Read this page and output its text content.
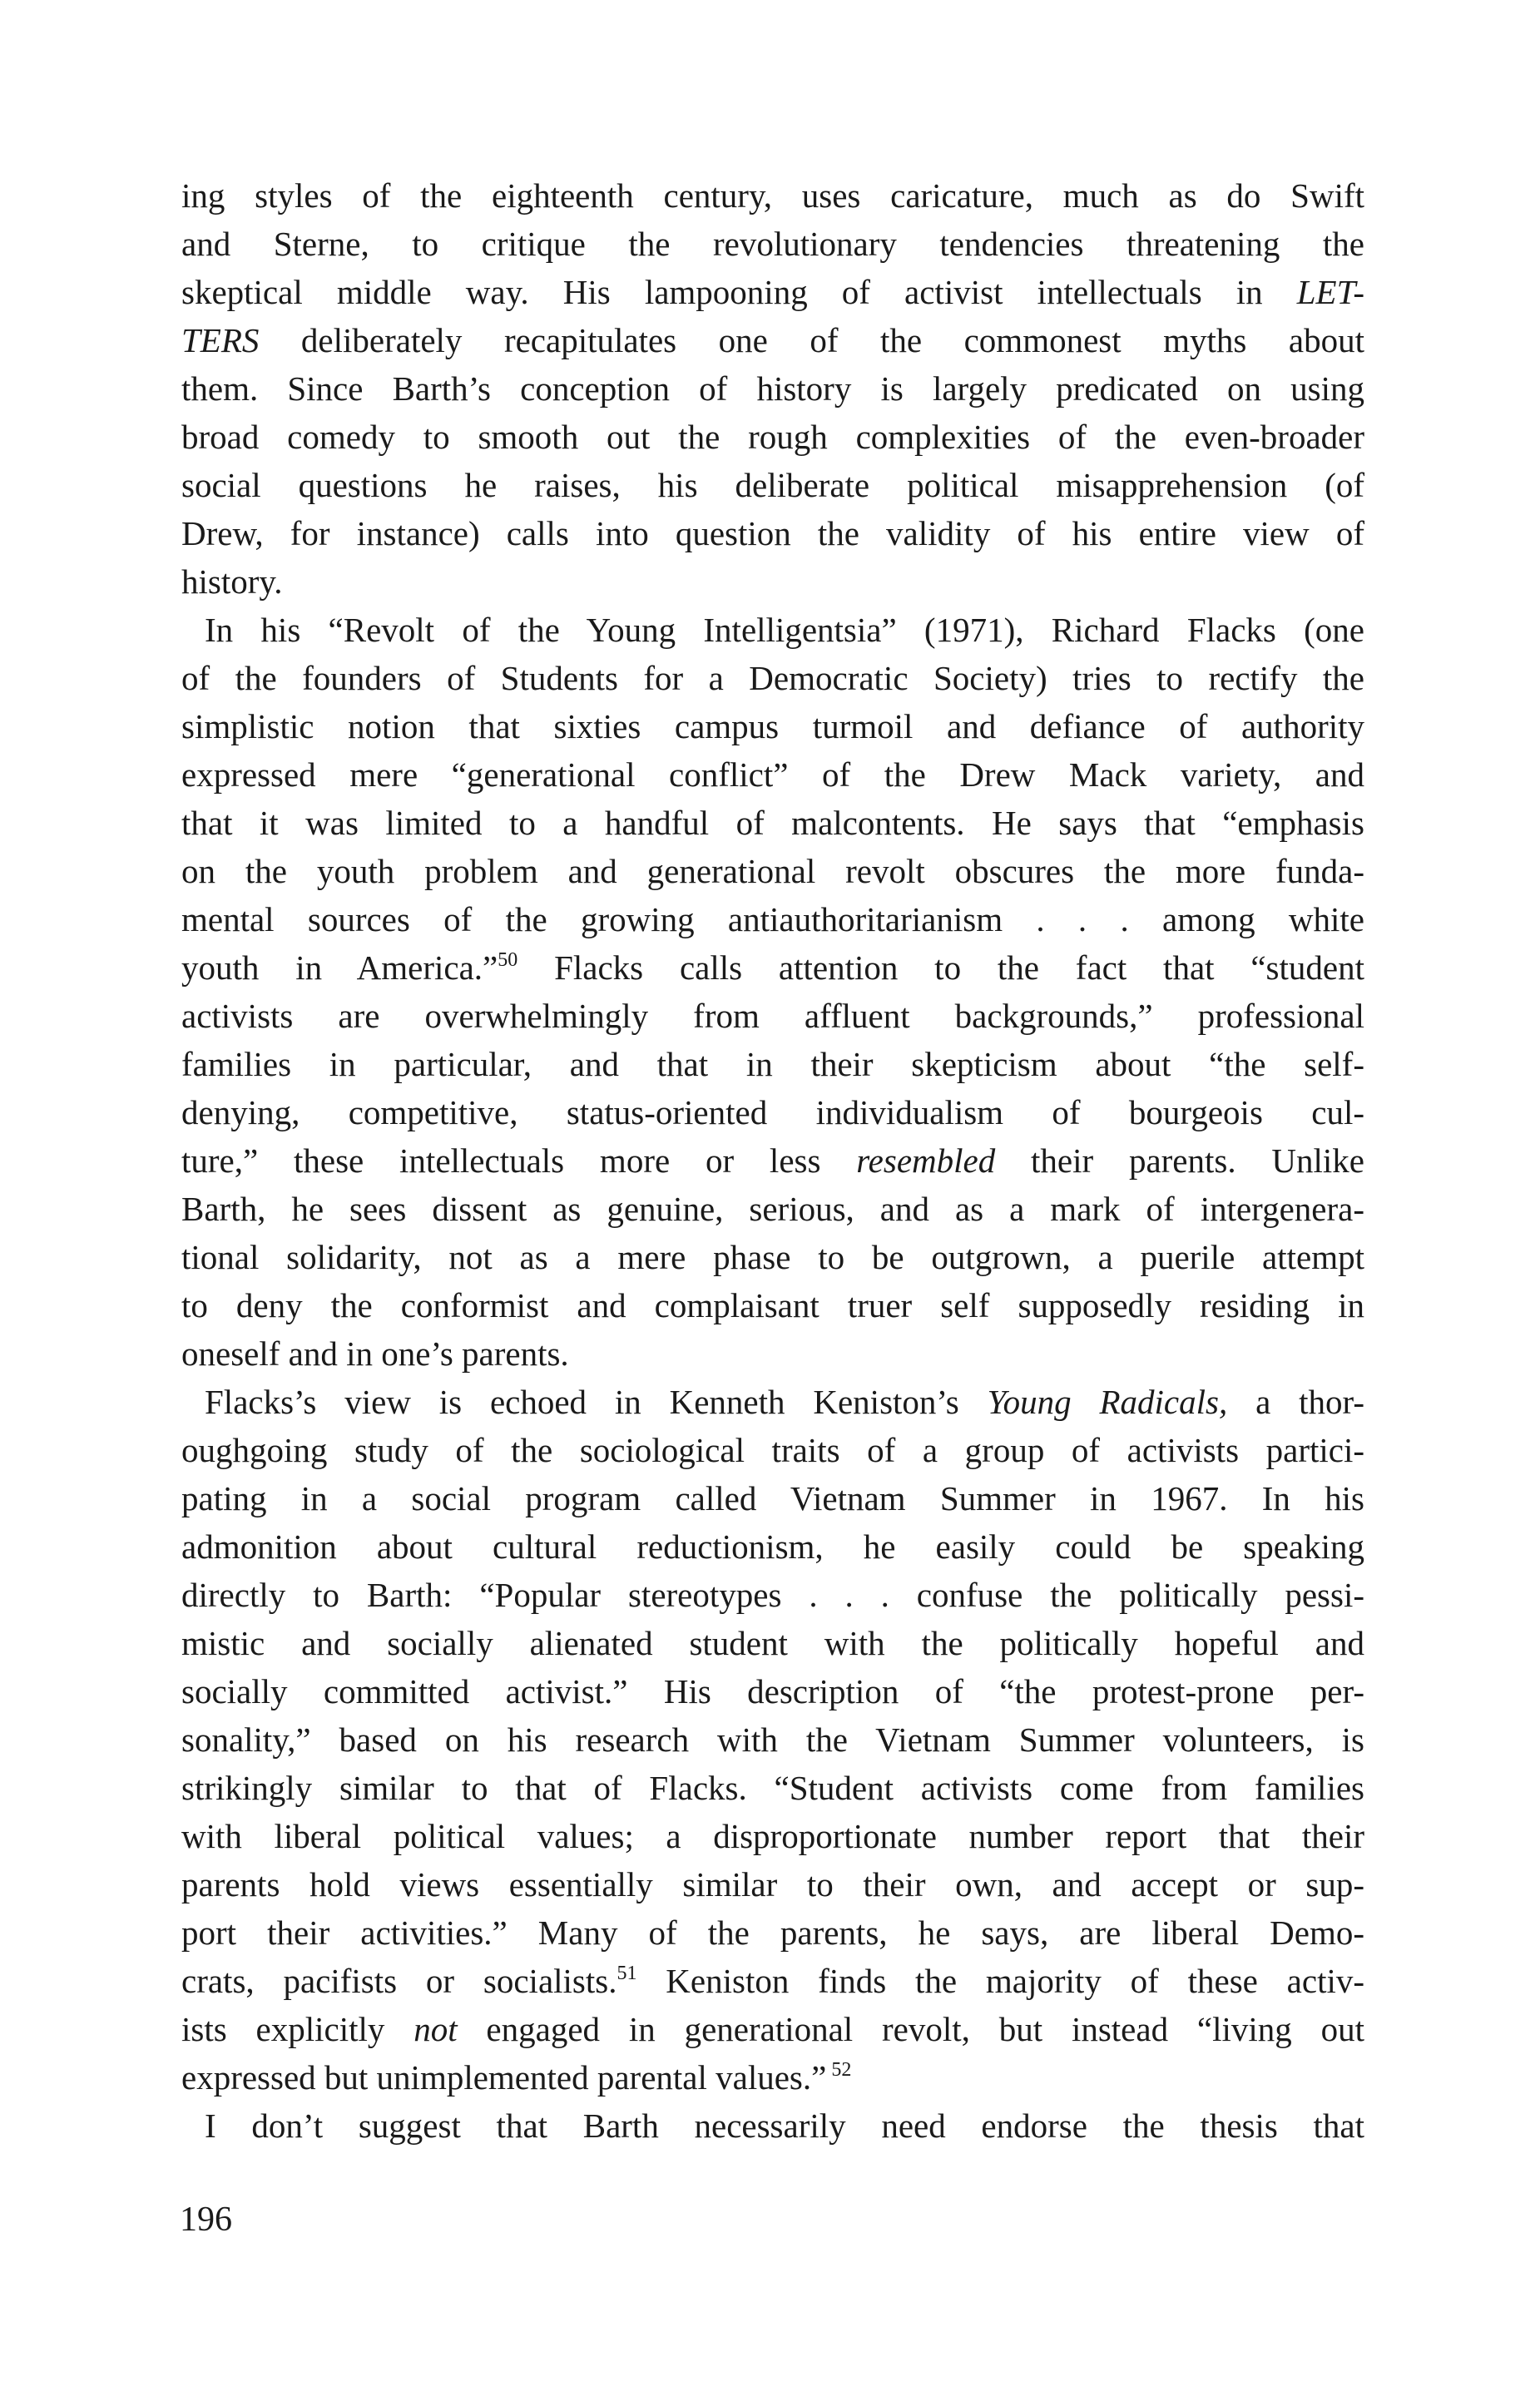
ing styles of the eighteenth century, uses caricature, much as do Swift
and Sterne, to critique the revolutionary tendencies threatening the
skeptical middle way. His lampooning of activist intellectuals in LET-
TERS deliberately recapitulates one of the commonest myths about
them. Since Barth’s conception of history is largely predicated on using
broad comedy to smooth out the rough complexities of the even-broader
social questions he raises, his deliberate political misapprehension (of
Drew, for instance) calls into question the validity of his entire view of
history.
In his “Revolt of the Young Intelligentsia” (1971), Richard Flacks (one
of the founders of Students for a Democratic Society) tries to rectify the
simplistic notion that sixties campus turmoil and defiance of authority
expressed mere “generational conflict” of the Drew Mack variety, and
that it was limited to a handful of malcontents. He says that “emphasis
on the youth problem and generational revolt obscures the more funda-
mental sources of the growing antiauthoritarianism . . . among white
youth in America.”$^{50}$ Flacks calls attention to the fact that “student
activists are overwhelmingly from affluent backgrounds,” professional
families in particular, and that in their skepticism about “the self-
denying, competitive, status-oriented individualism of bourgeois cul-
ture,” these intellectuals more or less resembled their parents. Unlike
Barth, he sees dissent as genuine, serious, and as a mark of intergenera-
tional solidarity, not as a mere phase to be outgrown, a puerile attempt
to deny the conformist and complaisant truer self supposedly residing in
oneself and in one’s parents.
Flacks’s view is echoed in Kenneth Keniston’s Young Radicals, a thor-
oughgoing study of the sociological traits of a group of activists partici-
pating in a social program called Vietnam Summer in 1967. In his
admonition about cultural reductionism, he easily could be speaking
directly to Barth: “Popular stereotypes . . . confuse the politically pessi-
mistic and socially alienated student with the politically hopeful and
socially committed activist.” His description of “the protest-prone per-
sonality,” based on his research with the Vietnam Summer volunteers, is
strikingly similar to that of Flacks. “Student activists come from families
with liberal political values; a disproportionate number report that their
parents hold views essentially similar to their own, and accept or sup-
port their activities.” Many of the parents, he says, are liberal Demo-
crats, pacifists or socialists.$^{51}$ Keniston finds the majority of these activ-
ists explicitly not engaged in generational revolt, but instead “living out
expressed but unimplemented parental values.” $^{52}$
I don’t suggest that Barth necessarily need endorse the thesis that
196
